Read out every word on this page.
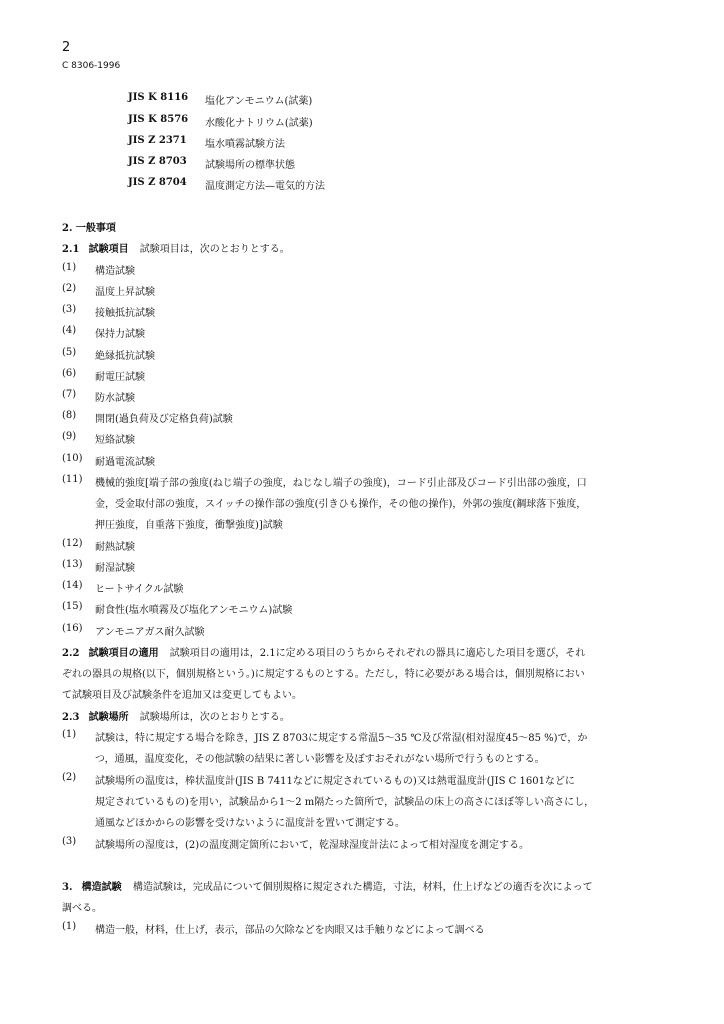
2
C 8306-1996
JIS K 8116 塩化アンモニウム(試薬)
JIS K 8576 水酸化ナトリウム(試薬)
JIS Z 2371 塩水噴霧試験方法
JIS Z 8703 試験場所の標準状態
JIS Z 8704 温度測定方法—電気的方法
2. 一般事項
2.1 試験項目 試験項目は，次のとおりとする。
(1) 構造試験
(2) 温度上昇試験
(3) 接触抵抗試験
(4) 保持力試験
(5) 絶縁抵抗試験
(6) 耐電圧試験
(7) 防水試験
(8) 開閉(過負荷及び定格負荷)試験
(9) 短絡試験
(10) 耐過電流試験
(11) 機械的強度[端子部の強度(ねじ端子の強度，ねじなし端子の強度)，コード引止部及びコード引出部の強度，口
金，受金取付部の強度，スイッチの操作部の強度(引きひも操作，その他の操作)，外郭の強度(鋼球落下強度，
押圧強度，自重落下強度，衝撃強度)]試験
(12) 耐熱試験
(13) 耐湿試験
(14) ヒートサイクル試験
(15) 耐食性(塩水噴霧及び塩化アンモニウム)試験
(16) アンモニアガス耐久試験
2.2 試験項目の適用 試験項目の適用は，2.1に定める項目のうちからそれぞれの器具に適応した項目を選び，それ
ぞれの器具の規格(以下，個別規格という。)に規定するものとする。ただし，特に必要がある場合は，個別規格におい
て試験項目及び試験条件を追加又は変更してもよい。
2.3 試験場所 試験場所は，次のとおりとする。
(1) 試験は，特に規定する場合を除き，JIS Z 8703に規定する常温5～35 ℃及び常湿(相対湿度45～85 %)で，か
つ，通風，温度変化，その他試験の結果に著しい影響を及ぼすおそれがない場所で行うものとする。
(2) 試験場所の温度は，棒状温度計(JIS B 7411などに規定されているもの)又は熱電温度計(JIS C 1601などに
規定されているもの)を用い，試験品から1～2 m隔たった箇所で，試験品の床上の高さにほぼ等しい高さにし，
通風などほかからの影響を受けないように温度計を置いて測定する。
(3) 試験場所の湿度は，(2)の温度測定箇所において，乾湿球湿度計法によって相対湿度を測定する。
3. 構造試験 構造試験は，完成品について個別規格に規定された構造，寸法，材料，仕上げなどの適否を次によって
調べる。
(1) 構造一般，材料，仕上げ，表示，部品の欠除などを肉眼又は手触りなどによって調べる
